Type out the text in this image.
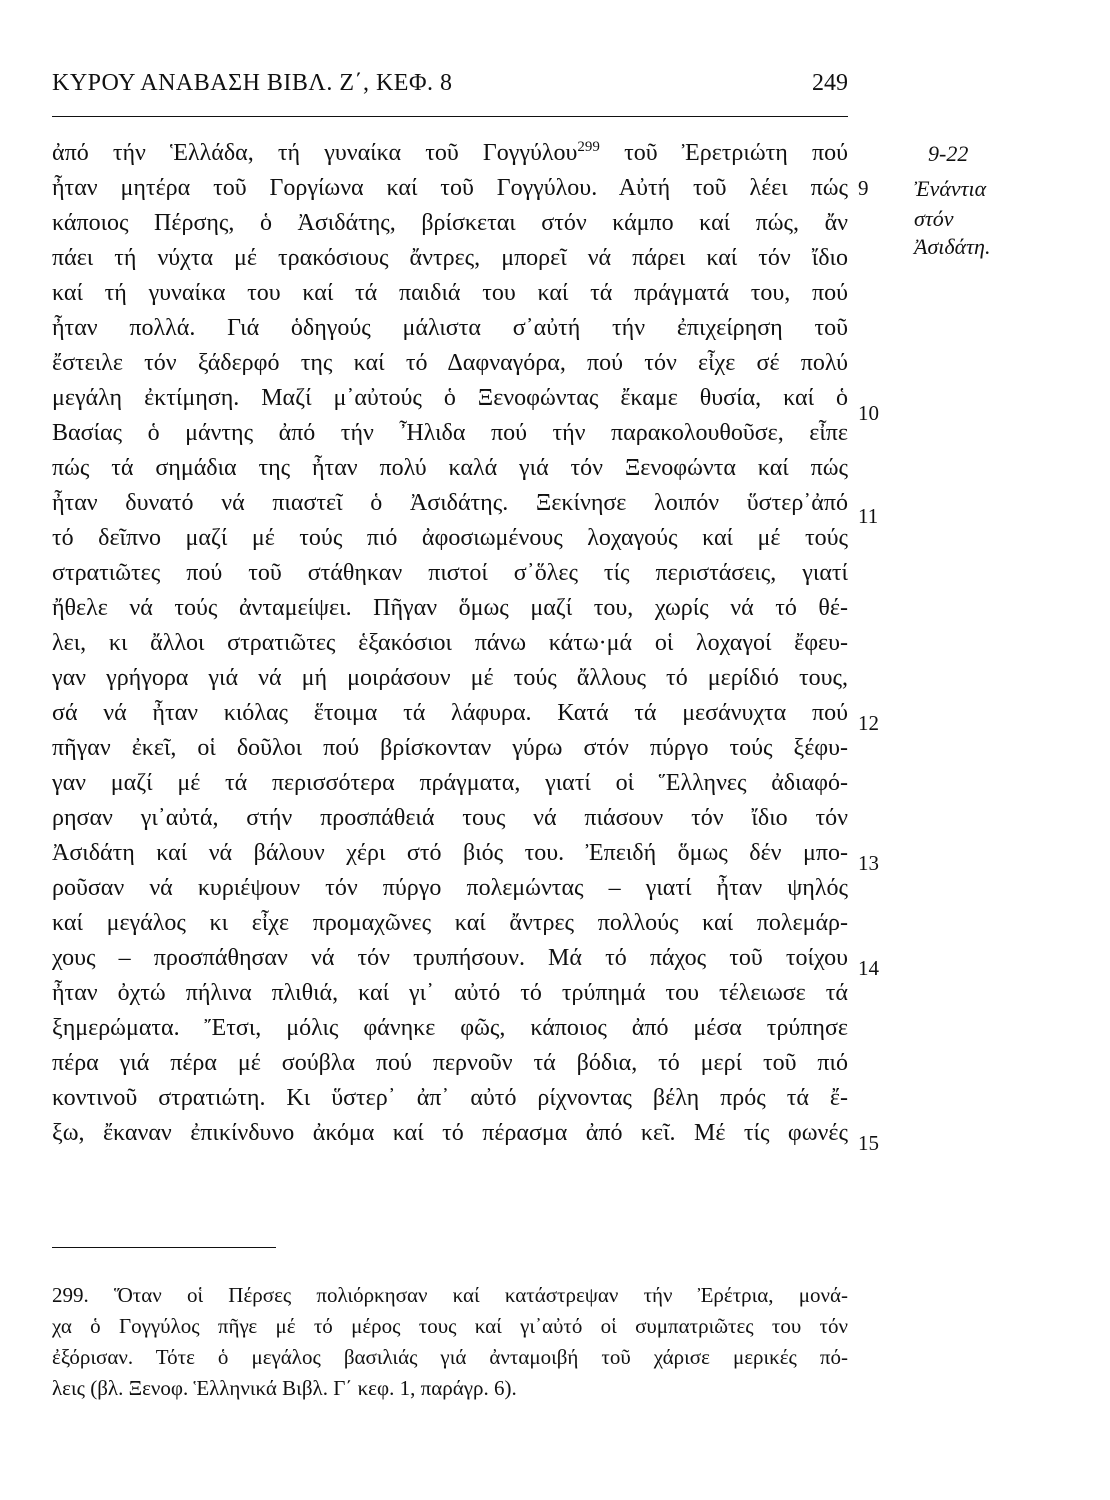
ΚΥΡΟΥ ΑΝΑΒΑΣΗ ΒΙΒΛ. Ζ΄, ΚΕΦ. 8	249
ἀπό τήν Ἑλλάδα, τή γυναίκα τοῦ Γογγύλου$^{299}$ τοῦ Ἐρετριώτη πού
ἦταν μητέρα τοῦ Γοργίωνα καί τοῦ Γογγύλου. Αὐτή τοῦ λέει πώς
κάποιος Πέρσης, ὁ Ἀσιδάτης, βρίσκεται στόν κάμπο καί πώς, ἄν
πάει τή νύχτα μέ τρακόσιους ἄντρες, μπορεῖ νά πάρει καί τόν ἴδιο
καί τή γυναίκα του καί τά παιδιά του καί τά πράγματά του, πού
ἦταν πολλά. Γιά ὁδηγούς μάλιστα σ᾽αὐτή τήν ἐπιχείρηση τοῦ
ἔστειλε τόν ξάδερφό της καί τό Δαφναγόρα, πού τόν εἶχε σέ πολύ
μεγάλη ἐκτίμηση. Μαζί μ᾽αὐτούς ὁ Ξενοφώντας ἔκαμε θυσία, καί ὁ
Βασίας ὁ μάντης ἀπό τήν Ἦλιδα πού τήν παρακολουθοῦσε, εἶπε
πώς τά σημάδια της ἦταν πολύ καλά γιά τόν Ξενοφώντα καί πώς
ἦταν δυνατό νά πιαστεῖ ὁ Ἀσιδάτης. Ξεκίνησε λοιπόν ὕστερ᾽ἀπό
τό δεῖπνο μαζί μέ τούς πιό ἀφοσιωμένους λοχαγούς καί μέ τούς
στρατιῶτες πού τοῦ στάθηκαν πιστοί σ᾽ὅλες τίς περιστάσεις, γιατί
ἤθελε νά τούς ἀνταμείψει. Πῆγαν ὅμως μαζί του, χωρίς νά τό θέ-
λει, κι ἄλλοι στρατιῶτες ἑξακόσιοι πάνω κάτω·μά οἱ λοχαγοί ἔφευ-
γαν γρήγορα γιά νά μή μοιράσουν μέ τούς ἄλλους τό μερίδιό τους,
σά νά ἦταν κιόλας ἕτοιμα τά λάφυρα. Κατά τά μεσάνυχτα πού
πῆγαν ἐκεῖ, οἱ δοῦλοι πού βρίσκονταν γύρω στόν πύργο τούς ξέφυ-
γαν μαζί μέ τά περισσότερα πράγματα, γιατί οἱ Ἕλληνες ἀδιαφό-
ρησαν γι᾽αὐτά, στήν προσπάθειά τους νά πιάσουν τόν ἴδιο τόν
Ἀσιδάτη καί νά βάλουν χέρι στό βιός του. Ἐπειδή ὅμως δέν μπο-
ροῦσαν νά κυριέψουν τόν πύργο πολεμώντας – γιατί ἦταν ψηλός
καί μεγάλος κι εἶχε προμαχῶνες καί ἄντρες πολλούς καί πολεμάρ-
χους – προσπάθησαν νά τόν τρυπήσουν. Μά τό πάχος τοῦ τοίχου
ἦταν ὀχτώ πήλινα πλιθιά, καί γι᾽ αὐτό τό τρύπημά του τέλειωσε τά
ξημερώματα. Ἔτσι, μόλις φάνηκε φῶς, κάποιος ἀπό μέσα τρύπησε
πέρα γιά πέρα μέ σούβλα πού περνοῦν τά βόδια, τό μερί τοῦ πιό
κοντινοῦ στρατιώτη. Κι ὕστερ᾽ ἀπ᾽ αὐτό ρίχνοντας βέλη πρός τά ἔ-
ξω, ἔκαναν ἐπικίνδυνο ἀκόμα καί τό πέρασμα ἀπό κεῖ. Μέ τίς φωνές
9
10
11
12
13
14
15
9-22
Ἐνάντια
στόν
Ἀσιδάτη.
299. Ὅταν οἱ Πέρσες πολιόρκησαν καί κατάστρεψαν τήν Ἐρέτρια, μονά-
χα ὁ Γογγύλος πῆγε μέ τό μέρος τους καί γι᾽αὐτό οἱ συμπατριῶτες του τόν
ἐξόρισαν. Τότε ὁ μεγάλος βασιλιάς γιά ἀνταμοιβή τοῦ χάρισε μερικές πό-
λεις (βλ. Ξενοφ. Ἑλληνικά Βιβλ. Γ΄ κεφ. 1, παράγρ. 6).
